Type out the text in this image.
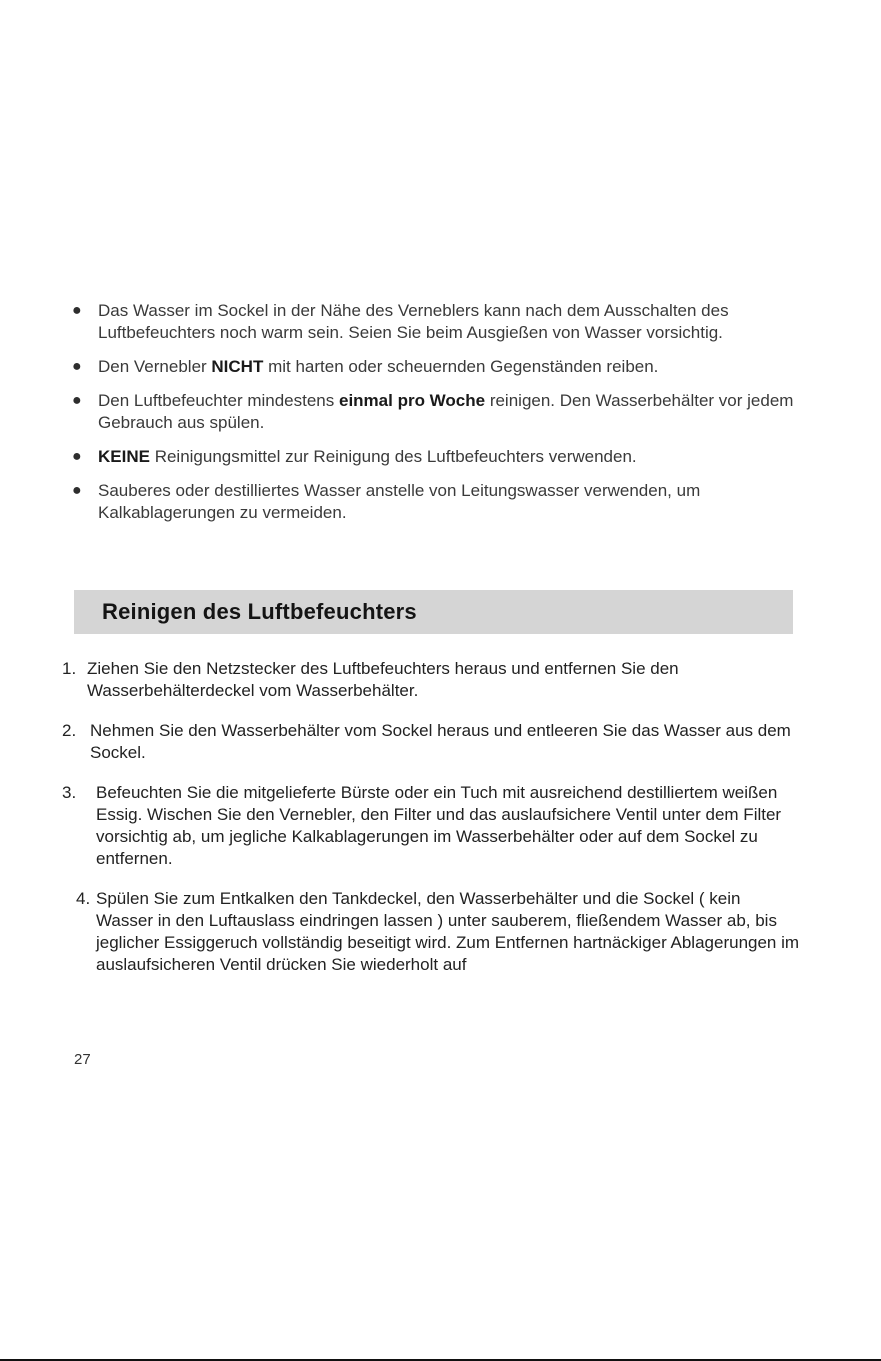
● Das Wasser im Sockel in der Nähe des Verneblers kann nach dem Ausschalten des Luftbefeuchters noch warm sein. Seien Sie beim Ausgießen von Wasser vorsichtig.
● Den Vernebler NICHT mit harten oder scheuernden Gegenständen reiben.
● Den Luftbefeuchter mindestens einmal pro Woche reinigen. Den Wasserbehälter vor jedem Gebrauch aus spülen.
● KEINE Reinigungsmittel zur Reinigung des Luftbefeuchters verwenden.
● Sauberes oder destilliertes Wasser anstelle von Leitungswasser verwenden, um Kalkablagerungen zu vermeiden.
Reinigen des Luftbefeuchters
1. Ziehen Sie den Netzstecker des Luftbefeuchters heraus und entfernen Sie den Wasserbehälterdeckel vom Wasserbehälter.
2. Nehmen Sie den Wasserbehälter vom Sockel heraus und entleeren Sie das Wasser aus dem Sockel.
3.	Befeuchten Sie die mitgelieferte Bürste oder ein Tuch mit ausreichend destilliertem weißen Essig. Wischen Sie den Vernebler, den Filter und das auslaufsichere Ventil unter dem Filter vorsichtig ab, um jegliche Kalkablagerungen im Wasserbehälter oder auf dem Sockel zu entfernen.
4. Spülen Sie zum Entkalken den Tankdeckel, den Wasserbehälter und die Sockel ( kein Wasser in den Luftauslass eindringen lassen ) unter sauberem, fließendem Wasser ab, bis jeglicher Essiggeruch vollständig beseitigt wird. Zum Entfernen hartnäckiger Ablagerungen im auslaufsicheren Ventil drücken Sie wiederholt auf
27
